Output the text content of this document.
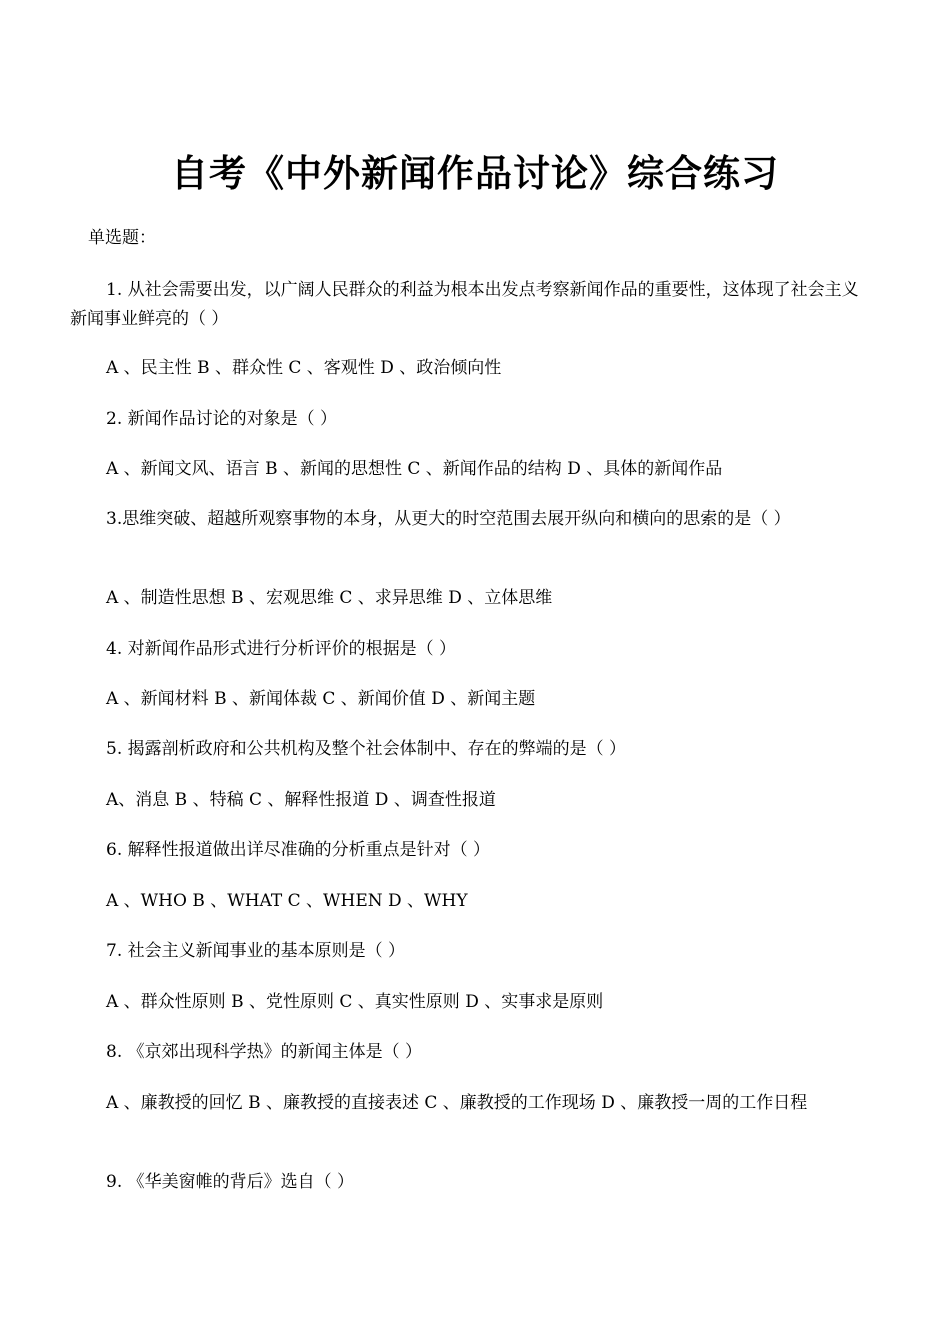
自考《中外新闻作品讨论》综合练习
单选题：
1. 从社会需要出发，以广阔人民群众的利益为根本出发点考察新闻作品的重要性，这体现了社会主义新闻事业鲜亮的（ ）
A 、民主性 B 、群众性 C 、客观性 D 、政治倾向性
2. 新闻作品讨论的对象是（ ）
A 、新闻文风、语言 B 、新闻的思想性 C 、新闻作品的结构 D 、具体的新闻作品
3.思维突破、超越所观察事物的本身，从更大的时空范围去展开纵向和横向的思索的是（ ）
A 、制造性思想 B 、宏观思维 C 、求异思维 D 、立体思维
4. 对新闻作品形式进行分析评价的根据是（ ）
A 、新闻材料 B 、新闻体裁 C 、新闻价值 D 、新闻主题
5. 揭露剖析政府和公共机构及整个社会体制中、存在的弊端的是（ ）
A、消息 B 、特稿 C 、解释性报道 D 、调查性报道
6. 解释性报道做出详尽准确的分析重点是针对（ ）
A 、WHO B 、WHAT C 、WHEN D 、WHY
7. 社会主义新闻事业的基本原则是（ ）
A 、群众性原则 B 、党性原则 C 、真实性原则 D 、实事求是原则
8. 《京郊出现科学热》的新闻主体是（ ）
A 、廉教授的回忆 B 、廉教授的直接表述 C 、廉教授的工作现场 D 、廉教授一周的工作日程
9. 《华美窗帷的背后》选自（ ）
